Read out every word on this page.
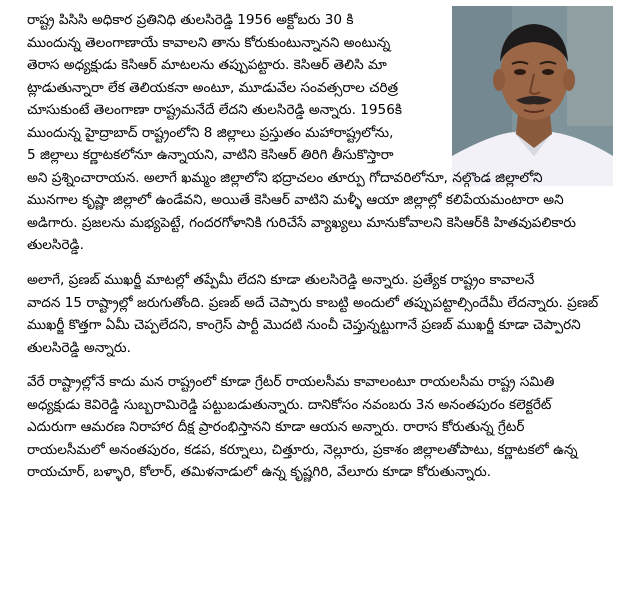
రాష్ట్ర పిసిసి అధికార ప్రతినిధి తులసిరెడ్డి 1956 అక్టోబరు 30 కి
ముందున్న తెలంగాణాయే కావాలని తాను కోరుకుంటున్నానని అంటున్న
తెరాస అధ్యక్షుడు కెసిఆర్ మాటలను తప్పుపట్టారు. కెసిఆర్ తెలిసి మా
ట్లాడుతున్నారా లేక తెలియకనా అంటూ, మూడువేల సంవత్సరాల చరిత్ర
చూసుకుంటే తెలంగాణా రాష్ట్రమనేదే లేదని తులసిరెడ్డి అన్నారు. 1956కి
ముందున్న హైద్రాబాద్ రాష్ట్రంలోని 8 జిల్లాలు ప్రస్తుతం మహారాష్ట్రలోను,
5 జిల్లాలు కర్ణాటకలోనూ ఉన్నాయని, వాటిని కెసిఆర్ తిరిగి తీసుకొస్తారా
అని ప్రశ్నించారాయన. అలాగే ఖమ్మం జిల్లాలోని భద్రాచలం తూర్పు గోదావరిలోనూ, నల్గొండ జిల్లాలోని
మునగాల కృష్ణా జిల్లాలో ఉండేవని, అయితే కెసిఆర్ వాటిని మళ్ళీ ఆయా జిల్లాల్లో కలిపేయమంటారా అని
అడిగారు. ప్రజలను మభ్యపెట్టే, గందరగోళానికి గురిచేసే వ్యాఖ్యలు మానుకోవాలని కెసిఆర్‌కి హితవుపలికారు
తులసిరెడ్డి.

అలాగే, ప్రణబ్ ముఖర్జీ మాటల్లో తప్పేమీ లేదని కూడా తులసిరెడ్డి అన్నారు. ప్రత్యేక రాష్ట్రం కావాలనే
వాదన 15 రాష్ట్రాల్లో జరుగుతోంది. ప్రణబ్ అదే చెప్పారు కాబట్టి అందులో తప్పుపట్టాల్సిందేమీ లేదన్నారు. ప్రణబ్
ముఖర్జీ కొత్తగా ఏమీ చెప్పలేదని, కాంగ్రెస్ పార్టీ మొదటి నుంచీ చెప్తున్నట్టుగానే ప్రణబ్ ముఖర్జీ కూడా చెప్పారని
తులసిరెడ్డి అన్నారు.

వేరే రాష్ట్రాల్లోనే కాదు మన రాష్ట్రంలో కూడా గ్రేటర్ రాయలసీమ కావాలంటూ రాయలసీమ రాష్ట్ర సమితి
అధ్యక్షుడు కెవిరెడ్డి సుబ్బరామిరెడ్డి పట్టుబడుతున్నారు. దానికోసం నవంబరు 3న అనంతపురం కలెక్టరేట్
ఎదురుగా ఆమరణ నిరాహార దీక్ష ప్రారంభిస్తానని కూడా ఆయన అన్నారు. రారాస కోరుతున్న గ్రేటర్
రాయలసీమలో అనంతపురం, కడప, కర్నూలు, చిత్తూరు, నెల్లూరు, ప్రకాశం జిల్లాలతోపాటు, కర్ణాటకలో ఉన్న
రాయచూర్, బళ్ళారి, కోలార్, తమిళనాడులో ఉన్న కృష్ణగిరి, వేలూరు కూడా కోరుతున్నారు.
